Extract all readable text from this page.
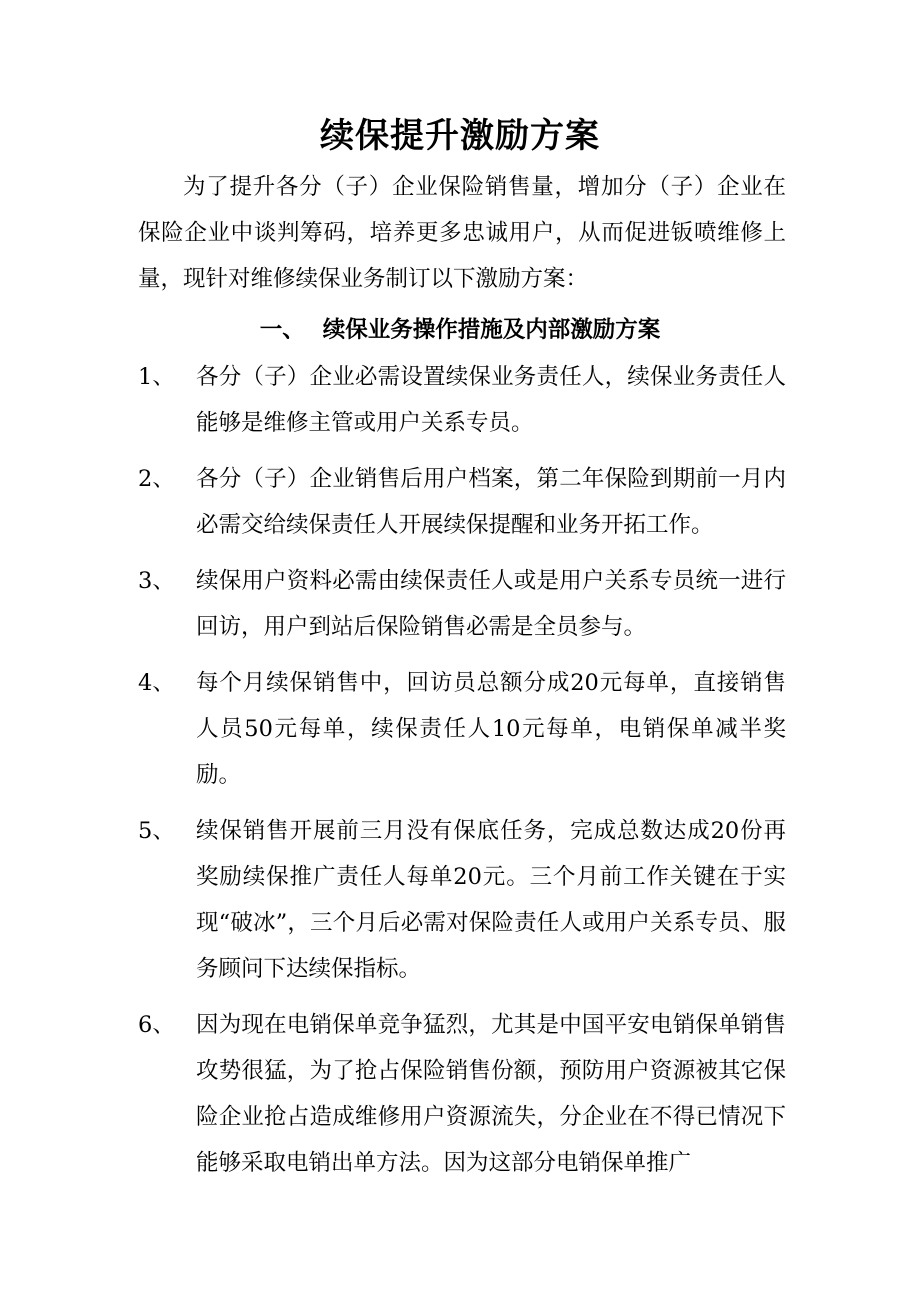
续保提升激励方案

为了提升各分（子）企业保险销售量，增加分（子）企业在保险企业中谈判筹码，培养更多忠诚用户，从而促进钣喷维修上量，现针对维修续保业务制订以下激励方案：

一、 续保业务操作措施及内部激励方案
1、 各分（子）企业必需设置续保业务责任人，续保业务责任人能够是维修主管或用户关系专员。
2、 各分（子）企业销售后用户档案，第二年保险到期前一月内必需交给续保责任人开展续保提醒和业务开拓工作。
3、 续保用户资料必需由续保责任人或是用户关系专员统一进行回访，用户到站后保险销售必需是全员参与。
4、 每个月续保销售中，回访员总额分成20元每单，直接销售人员50元每单，续保责任人10元每单，电销保单减半奖励。
5、 续保销售开展前三月没有保底任务，完成总数达成20份再奖励续保推广责任人每单20元。三个月前工作关键在于实现“破冰”，三个月后必需对保险责任人或用户关系专员、服务顾问下达续保指标。
6、 因为现在电销保单竞争猛烈，尤其是中国平安电销保单销售攻势很猛，为了抢占保险销售份额，预防用户资源被其它保险企业抢占造成维修用户资源流失，分企业在不得已情况下能够采取电销出单方法。因为这部分电销保单推广
